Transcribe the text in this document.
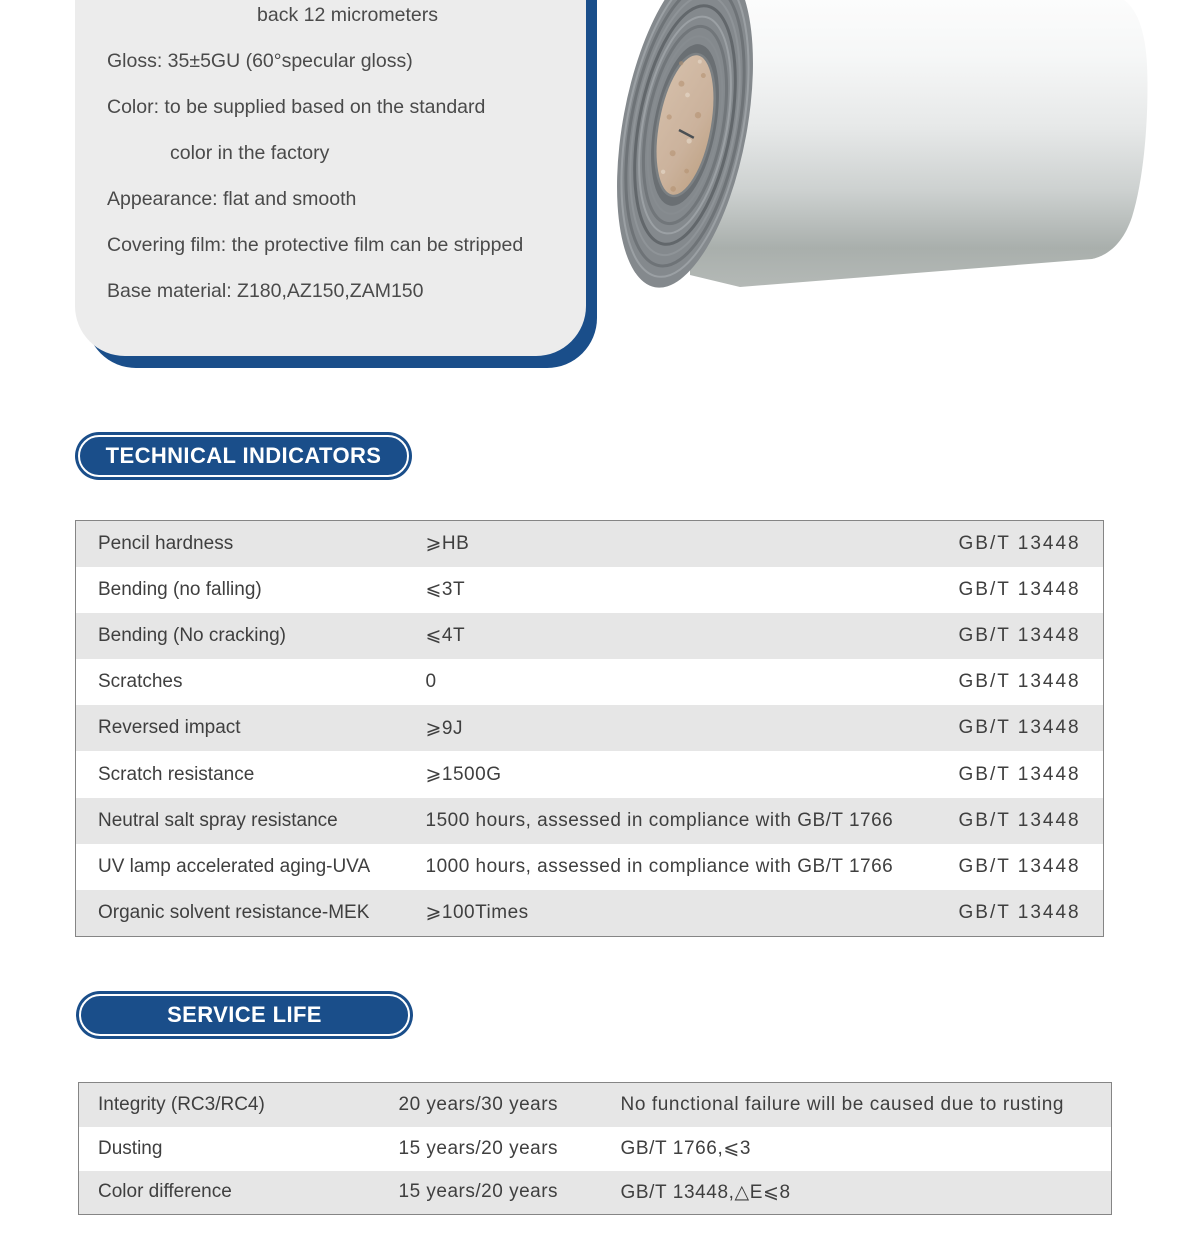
back 12 micrometers

Gloss: 35±5GU (60°specular gloss)

Color: to be supplied based on the standard

color in the factory

Appearance: flat and smooth

Covering film: the protective film can be stripped

Base material: Z180,AZ150,ZAM150

TECHNICAL INDICATORS
Pencil hardness	⩾HB	GB/T 13448
Bending (no falling)	⩽3T	GB/T 13448
Bending (No cracking)	⩽4T	GB/T 13448
Scratches	0	GB/T 13448
Reversed impact	⩾9J	GB/T 13448
Scratch resistance	⩾1500G	GB/T 13448
Neutral salt spray resistance	1500 hours, assessed in compliance with GB/T 1766	GB/T 13448
UV lamp accelerated aging-UVA	1000 hours, assessed in compliance with GB/T 1766	GB/T 13448
Organic solvent resistance-MEK	⩾100Times	GB/T 13448
SERVICE LIFE
Integrity (RC3/RC4)	20 years/30 years	No functional failure will be caused due to rusting
Dusting	15 years/20 years	GB/T 1766,⩽3
Color difference	15 years/20 years	GB/T 13448,△E⩽8
